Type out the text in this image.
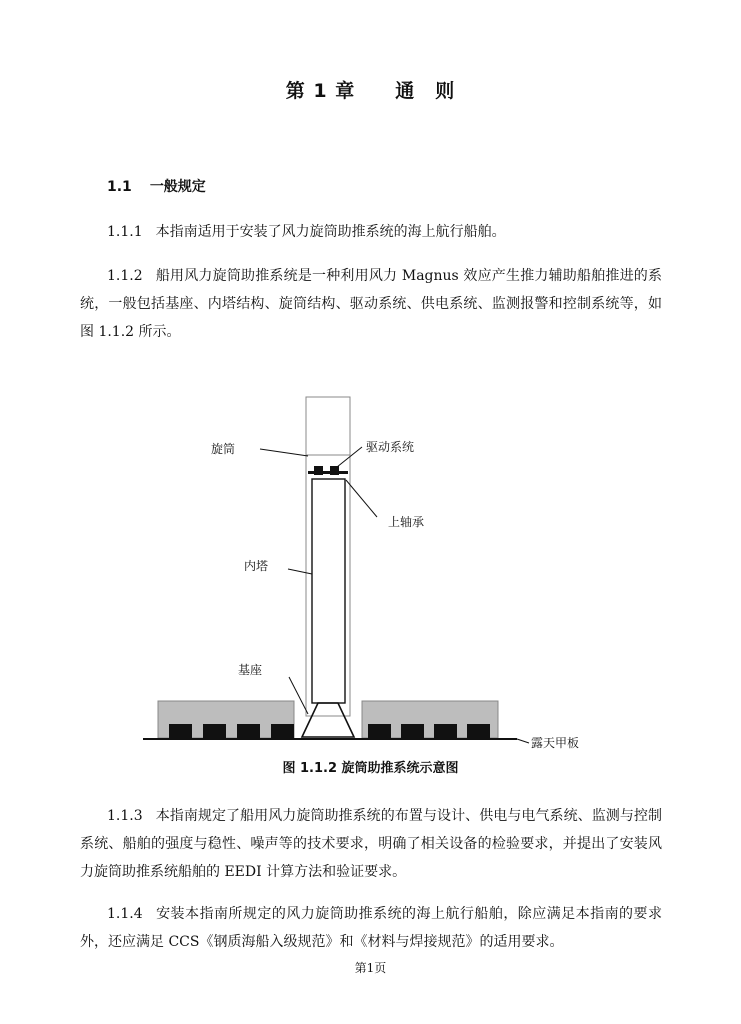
第 1 章　　 通　则
1.1 一般规定

1.1.1 本指南适用于安装了风力旋筒助推系统的海上航行船舶。

1.1.2 船用风力旋筒助推系统是一种利用风力 Magnus 效应产生推力辅助船舶推进的系统，一般包括基座、内塔结构、旋筒结构、驱动系统、供电系统、监测报警和控制系统等，如图 1.1.2 所示。

旋筒	驱动系统
上轴承
内塔
基座
露天甲板
图 1.1.2 旋筒助推系统示意图

1.1.3 本指南规定了船用风力旋筒助推系统的布置与设计、供电与电气系统、监测与控制系统、船舶的强度与稳性、噪声等的技术要求，明确了相关设备的检验要求，并提出了安装风力旋筒助推系统船舶的 EEDI 计算方法和验证要求。

1.1.4 安装本指南所规定的风力旋筒助推系统的海上航行船舶，除应满足本指南的要求外，还应满足 CCS《钢质海船入级规范》和《材料与焊接规范》的适用要求。

第1页
